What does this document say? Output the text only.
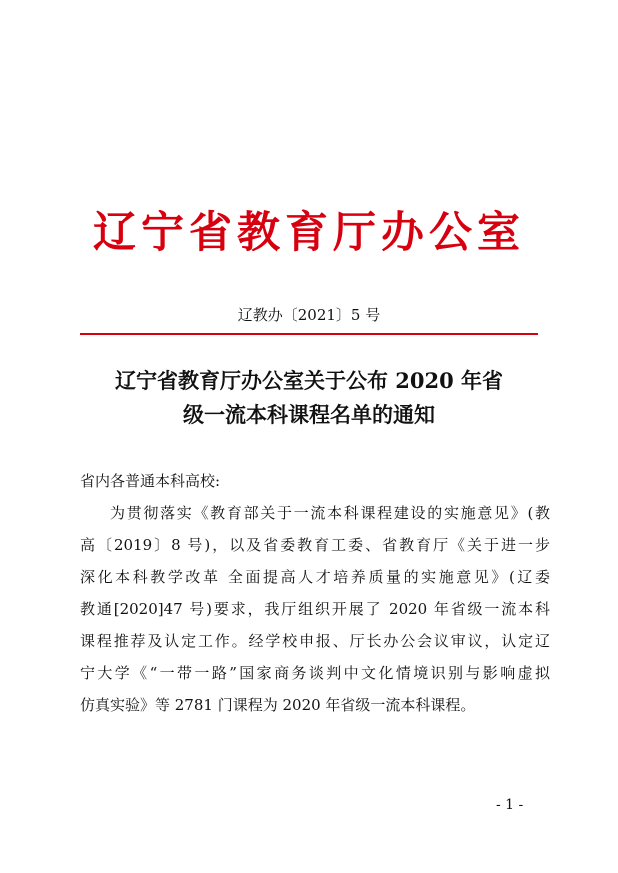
辽宁省教育厅办公室
辽教办〔2021〕5 号
辽宁省教育厅办公室关于公布 2020 年省
级一流本科课程名单的通知
省内各普通本科高校:
为贯彻落实《教育部关于一流本科课程建设的实施意见》(教
高〔2019〕8 号)，以及省委教育工委、省教育厅《关于进一步
深化本科教学改革 全面提高人才培养质量的实施意见》(辽委
教通[2020]47 号)要求，我厅组织开展了 2020 年省级一流本科
课程推荐及认定工作。经学校申报、厅长办公会议审议，认定辽
宁大学《“一带一路”国家商务谈判中文化情境识别与影响虚拟
仿真实验》等 2781 门课程为 2020 年省级一流本科课程。
- 1 -
